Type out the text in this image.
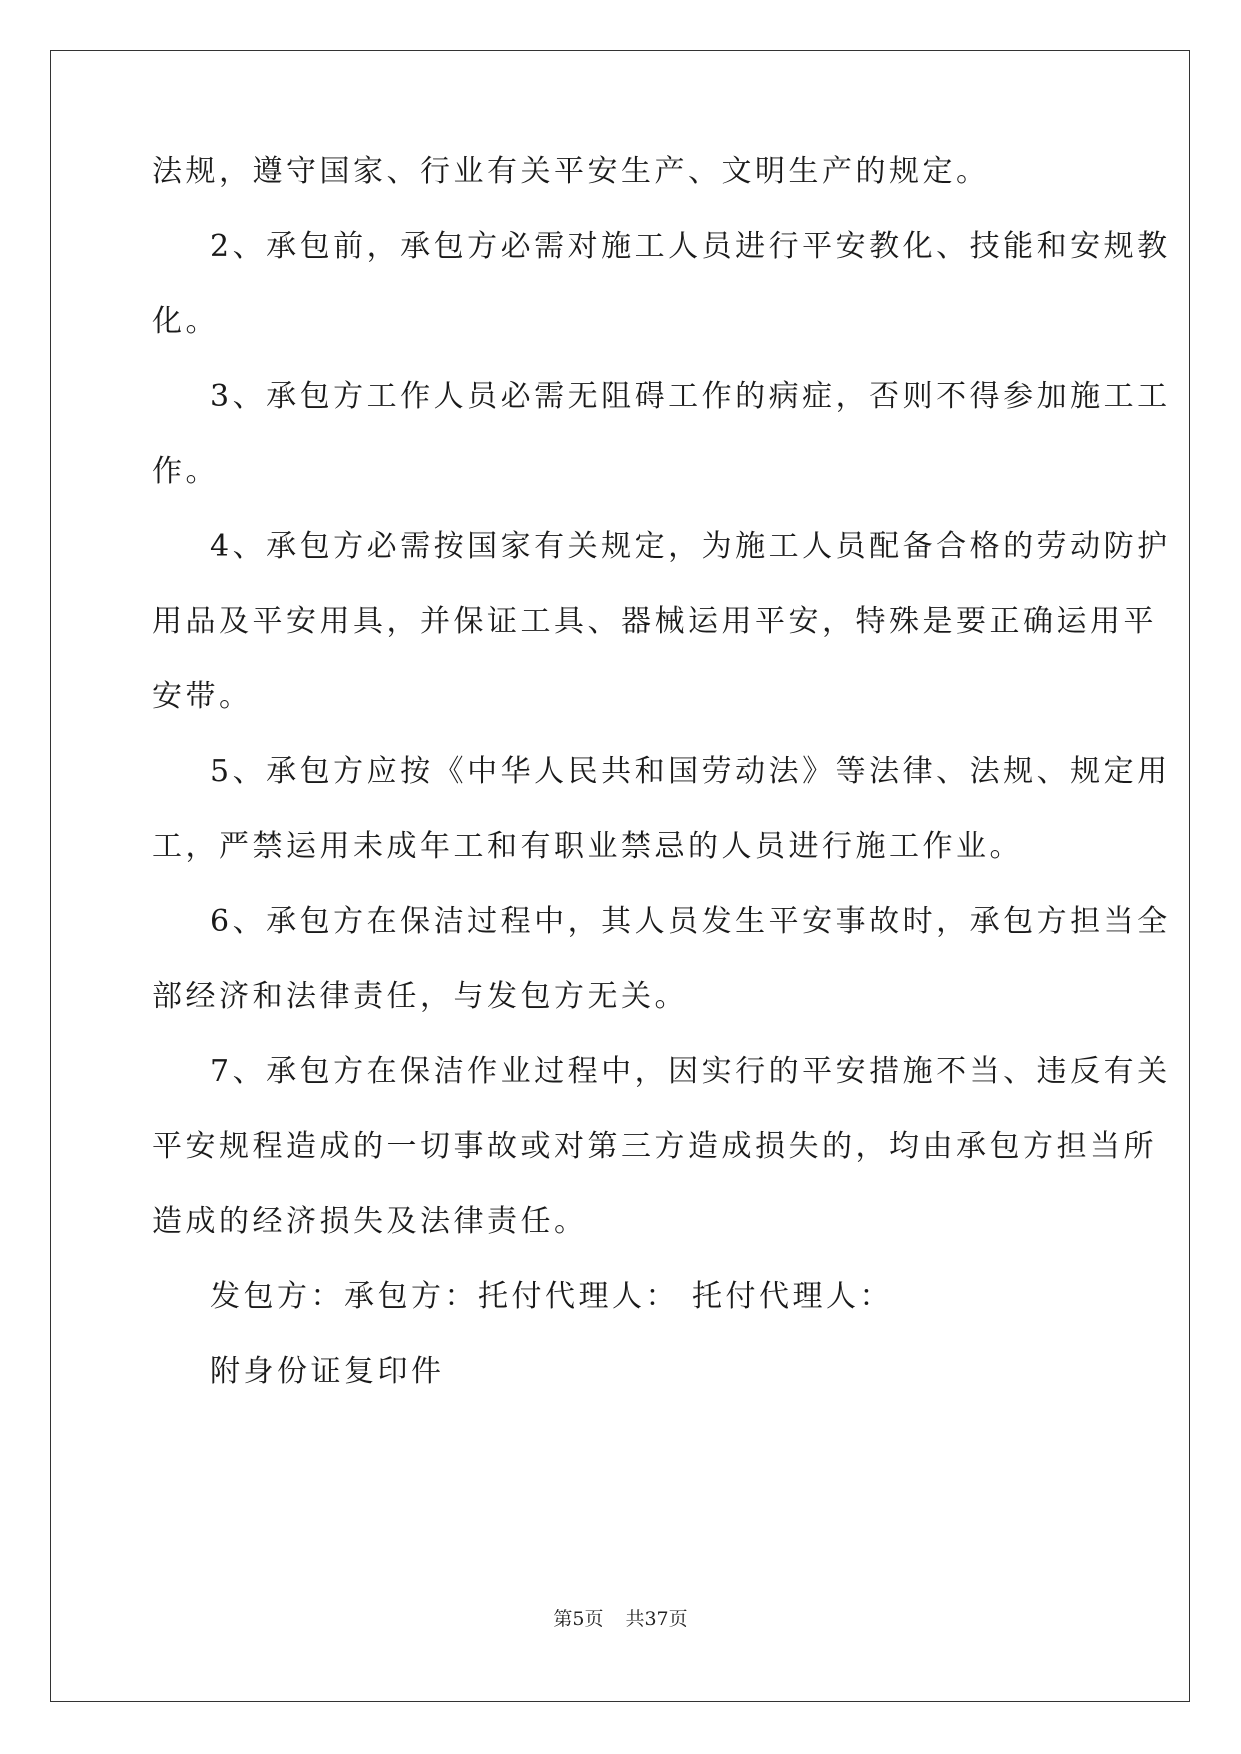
法规，遵守国家、行业有关平安生产、文明生产的规定。
2、承包前，承包方必需对施工人员进行平安教化、技能和安规教
化。
3、承包方工作人员必需无阻碍工作的病症，否则不得参加施工工
作。
4、承包方必需按国家有关规定，为施工人员配备合格的劳动防护
用品及平安用具，并保证工具、器械运用平安，特殊是要正确运用平
安带。
5、承包方应按《中华人民共和国劳动法》等法律、法规、规定用
工，严禁运用未成年工和有职业禁忌的人员进行施工作业。
6、承包方在保洁过程中，其人员发生平安事故时，承包方担当全
部经济和法律责任，与发包方无关。
7、承包方在保洁作业过程中，因实行的平安措施不当、违反有关
平安规程造成的一切事故或对第三方造成损失的，均由承包方担当所
造成的经济损失及法律责任。
发包方：承包方：托付代理人： 托付代理人：
附身份证复印件
第5页 共37页
